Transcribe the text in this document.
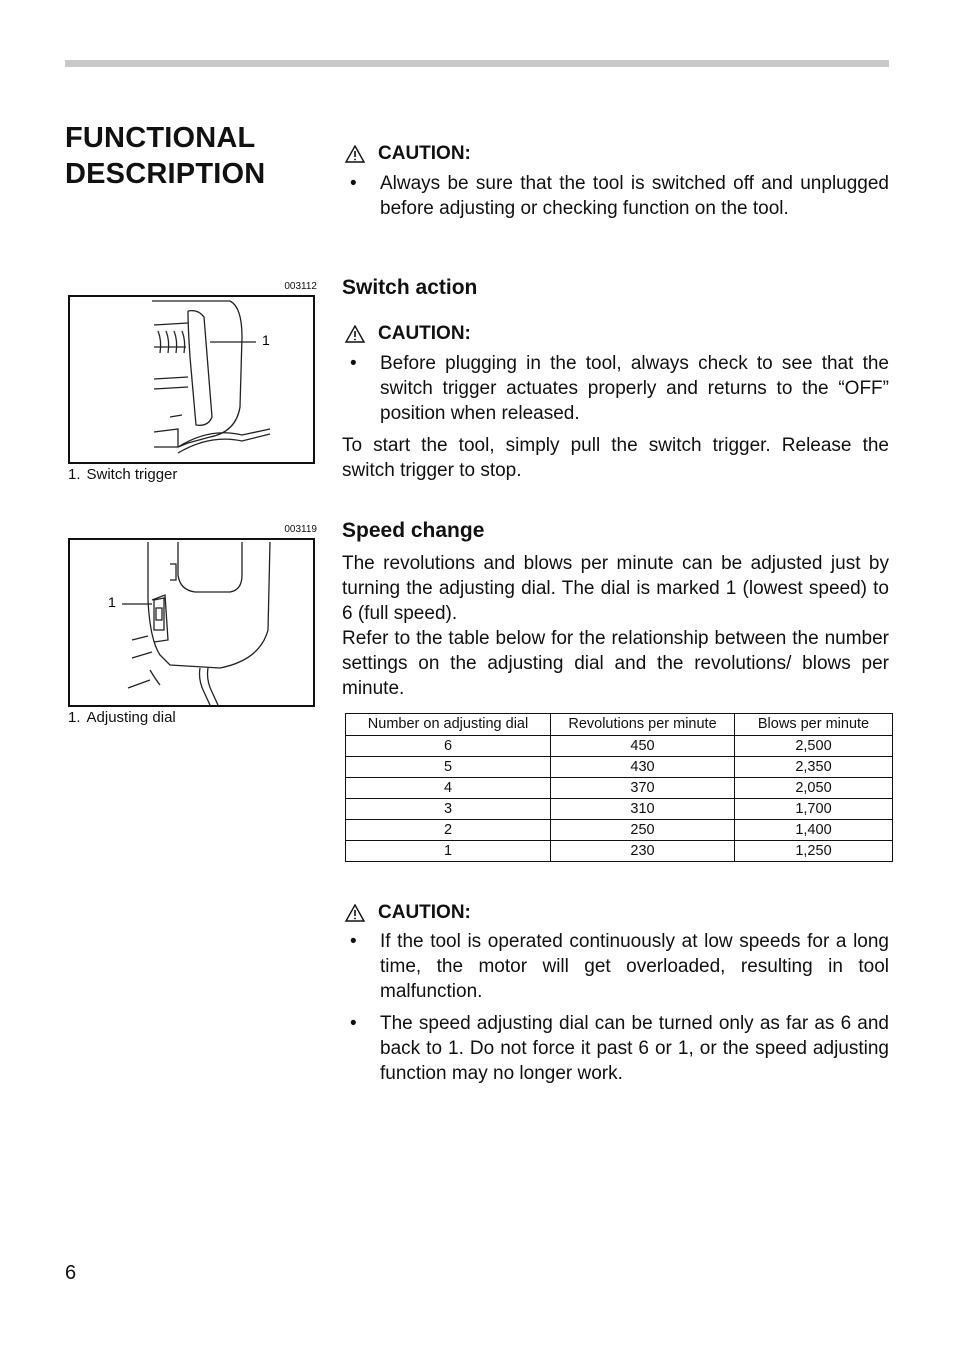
FUNCTIONAL DESCRIPTION
CAUTION:
• Always be sure that the tool is switched off and unplugged before adjusting or checking function on the tool.
Switch action
CAUTION:
• Before plugging in the tool, always check to see that the switch trigger actuates properly and returns to the “OFF” position when released.

To start the tool, simply pull the switch trigger. Release the switch trigger to stop.

Speed change

The revolutions and blows per minute can be adjusted just by turning the adjusting dial. The dial is marked 1 (lowest speed) to 6 (full speed).

Refer to the table below for the relationship between the number settings on the adjusting dial and the revolutions/ blows per minute.

Number on adjusting dial	Revolutions per minute	Blows per minute
6	450	2,500
5	430	2,350
4	370	2,050
3	310	1,700
2	250	1,400
1	230	1,250
CAUTION:
• If the tool is operated continuously at low speeds for a long time, the motor will get overloaded, resulting in tool malfunction.
• The speed adjusting dial can be turned only as far as 6 and back to 1. Do not force it past 6 or 1, or the speed adjusting function may no longer work.
003112
1
1. Switch trigger
003119
1
1. Adjusting dial
6
